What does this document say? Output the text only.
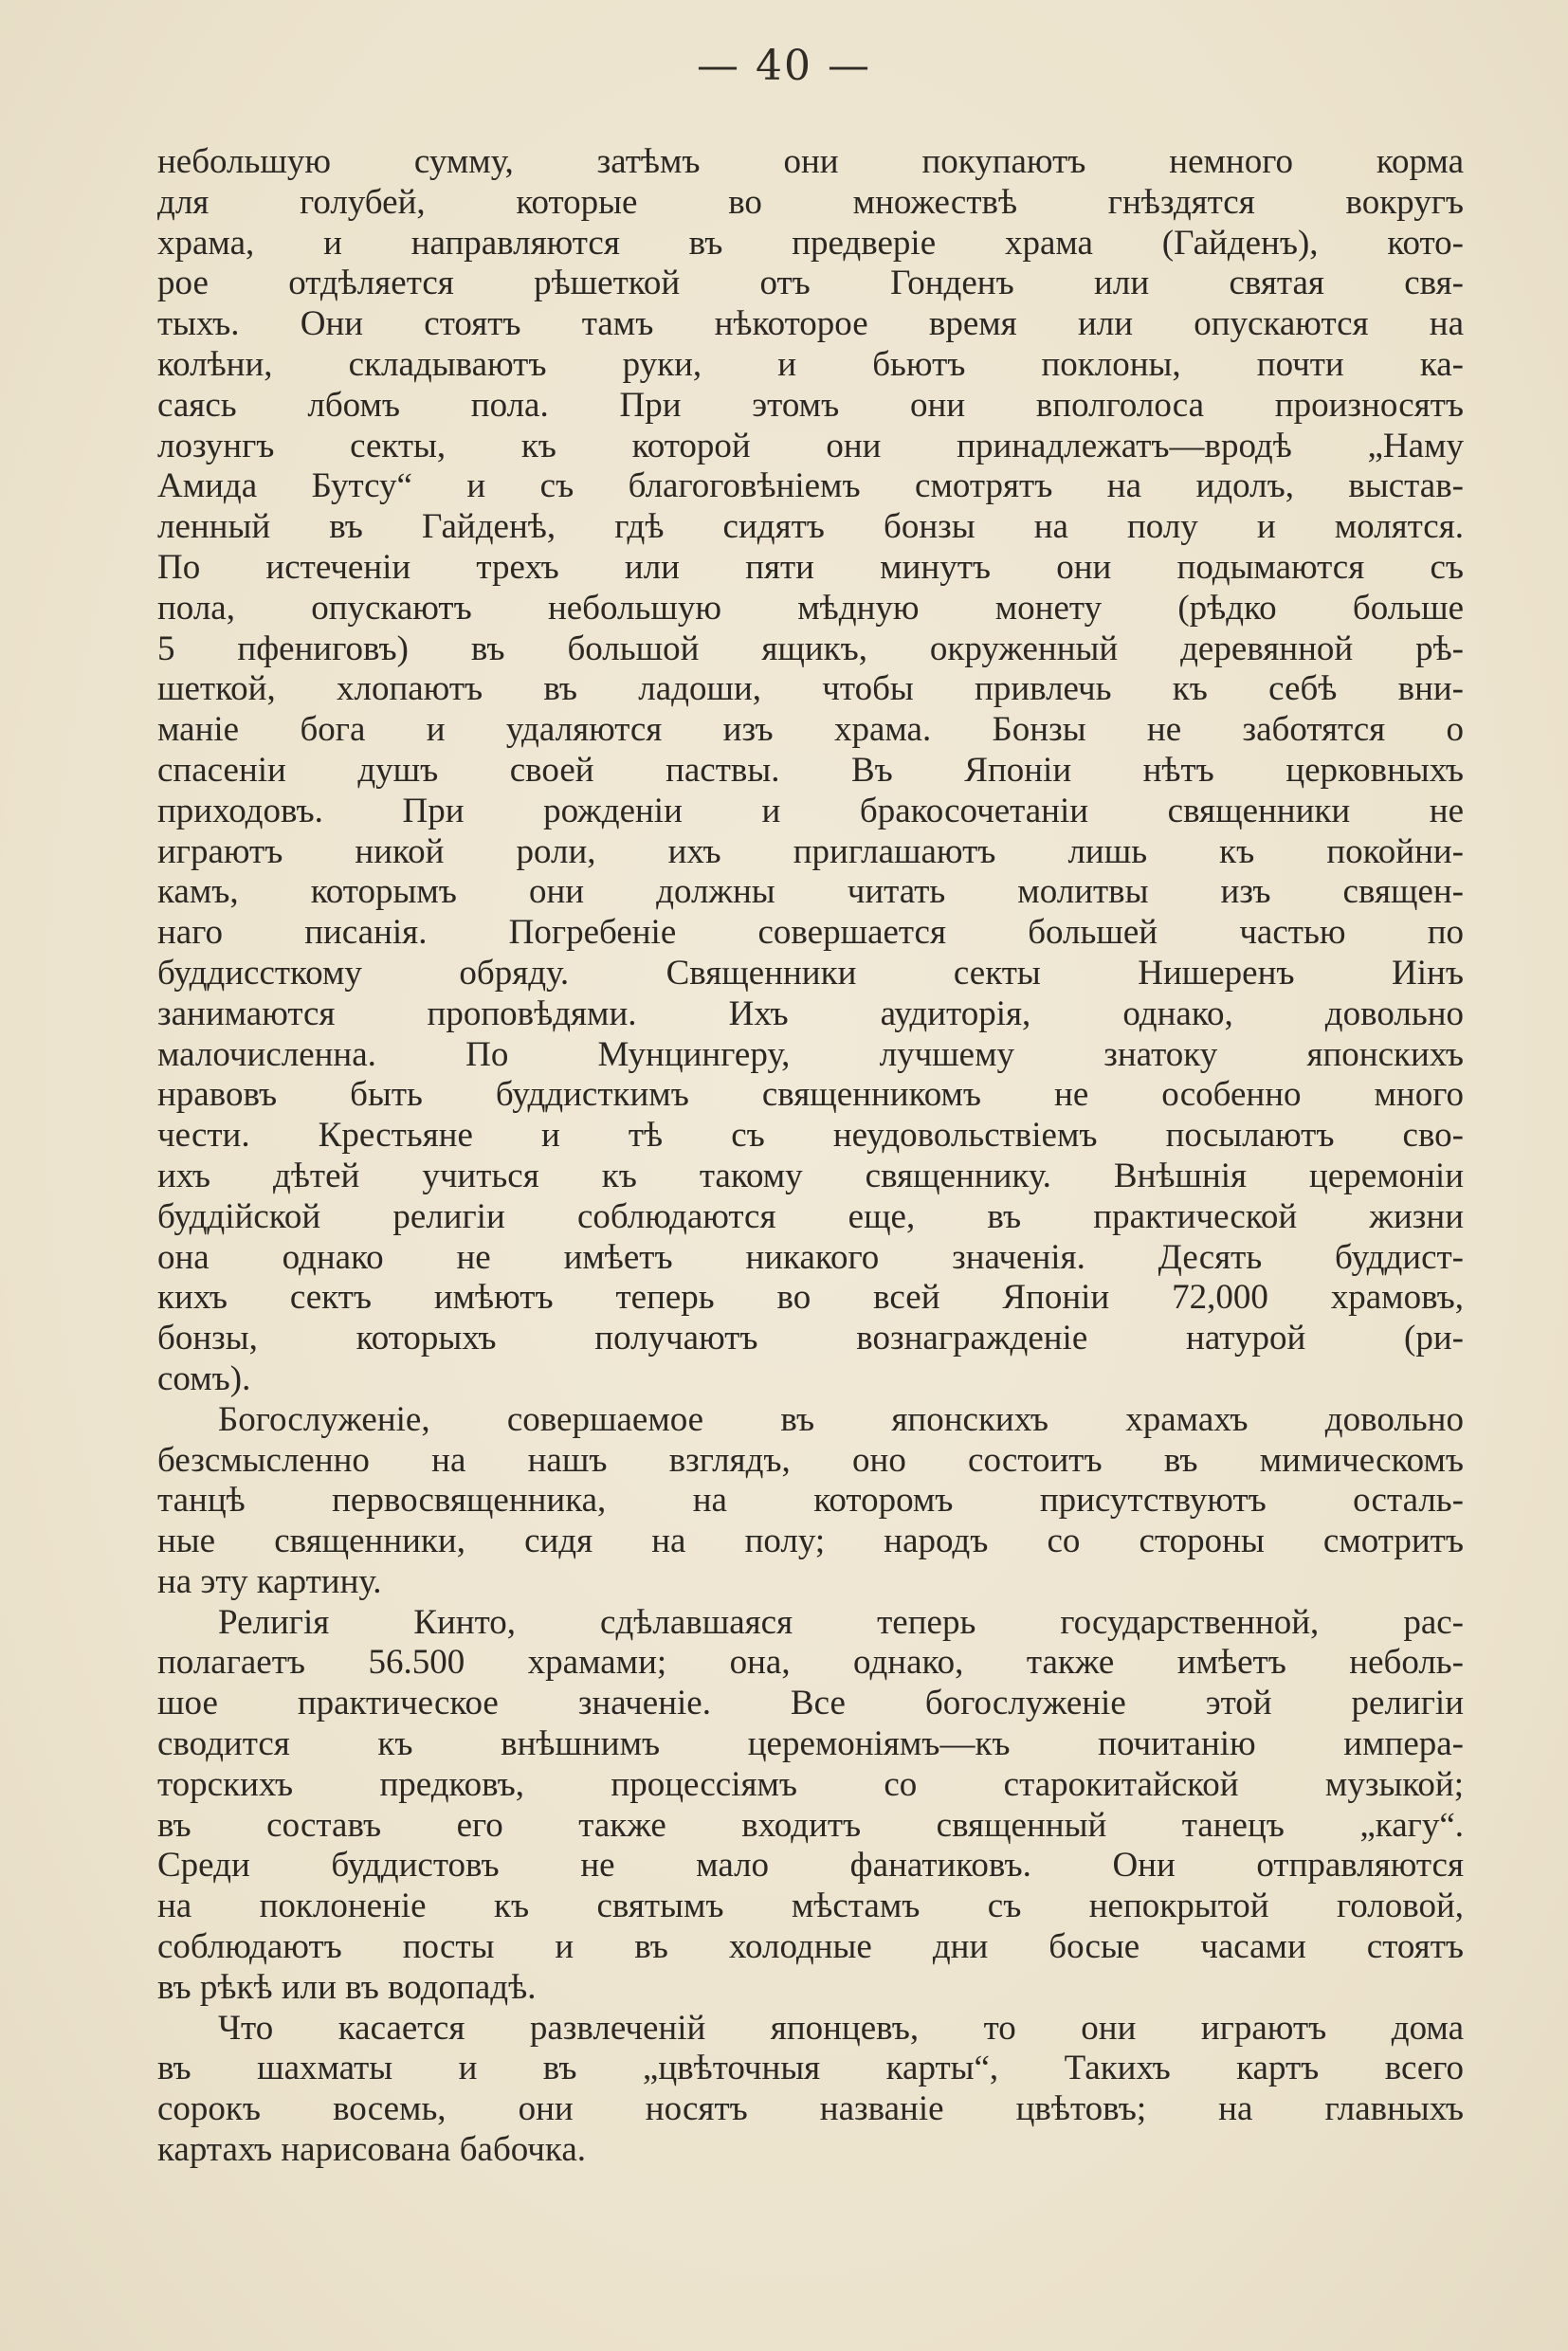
— 40 —
небольшую сумму, затѣмъ они покупаютъ немного корма
для голубей, которые во множествѣ гнѣздятся вокругъ
храма, и направляются въ предверіе храма (Гайденъ), кото-
рое отдѣляется рѣшеткой отъ Гонденъ или святая свя-
тыхъ. Они стоятъ тамъ нѣкоторое время или опускаются на
колѣни, складываютъ руки, и бьютъ поклоны, почти ка-
саясь лбомъ пола. При этомъ они вполголоса произносятъ
лозунгъ секты, къ которой они принадлежатъ—вродѣ „Наму
Амида Бутсу“ и съ благоговѣніемъ смотрятъ на идолъ, выстав-
ленный въ Гайденѣ, гдѣ сидятъ бонзы на полу и молятся.
По истеченіи трехъ или пяти минутъ они подымаются съ
пола, опускаютъ небольшую мѣдную монету (рѣдко больше
5 пфениговъ) въ большой ящикъ, окруженный деревянной рѣ-
шеткой, хлопаютъ въ ладоши, чтобы привлечь къ себѣ вни-
маніе бога и удаляются изъ храма. Бонзы не заботятся о
спасеніи душъ своей паствы. Въ Японіи нѣтъ церковныхъ
приходовъ. При рожденіи и бракосочетаніи священники не
играютъ никой роли, ихъ приглашаютъ лишь къ покойни-
камъ, которымъ они должны читать молитвы изъ священ-
наго писанія. Погребеніе совершается большей частью по
буддиссткому обряду. Священники секты Нишеренъ Иінъ
занимаются проповѣдями. Ихъ аудиторія, однако, довольно
малочисленна. По Мунцингеру, лучшему знатоку японскихъ
нравовъ быть буддисткимъ священникомъ не особенно много
чести. Крестьяне и тѣ съ неудовольствіемъ посылаютъ сво-
ихъ дѣтей учиться къ такому священнику. Внѣшнія церемоніи
буддійской религіи соблюдаются еще, въ практической жизни
она однако не имѣетъ никакого значенія. Десять буддист-
кихъ сектъ имѣютъ теперь во всей Японіи 72,000 храмовъ,
бонзы, которыхъ получаютъ вознагражденіе натурой (ри-
сомъ).
Богослуженіе, совершаемое въ японскихъ храмахъ довольно
безсмысленно на нашъ взглядъ, оно состоитъ въ мимическомъ
танцѣ первосвященника, на которомъ присутствуютъ осталь-
ные священники, сидя на полу; народъ со стороны смотритъ
на эту картину.
Религія Кинто, сдѣлавшаяся теперь государственной, рас-
полагаетъ 56.500 храмами; она, однако, также имѣетъ неболь-
шое практическое значеніе. Все богослуженіе этой религіи
сводится къ внѣшнимъ церемоніямъ—къ почитанію импера-
торскихъ предковъ, процессіямъ со старокитайской музыкой;
въ составъ его также входитъ священный танецъ „кагу“.
Среди буддистовъ не мало фанатиковъ. Они отправляются
на поклоненіе къ святымъ мѣстамъ съ непокрытой головой,
соблюдаютъ посты и въ холодные дни босые часами стоятъ
въ рѣкѣ или въ водопадѣ.
Что касается развлеченій японцевъ, то они играютъ дома
въ шахматы и въ „цвѣточныя карты“, Такихъ картъ всего
сорокъ восемь, они носятъ названіе цвѣтовъ; на главныхъ
картахъ нарисована бабочка.
